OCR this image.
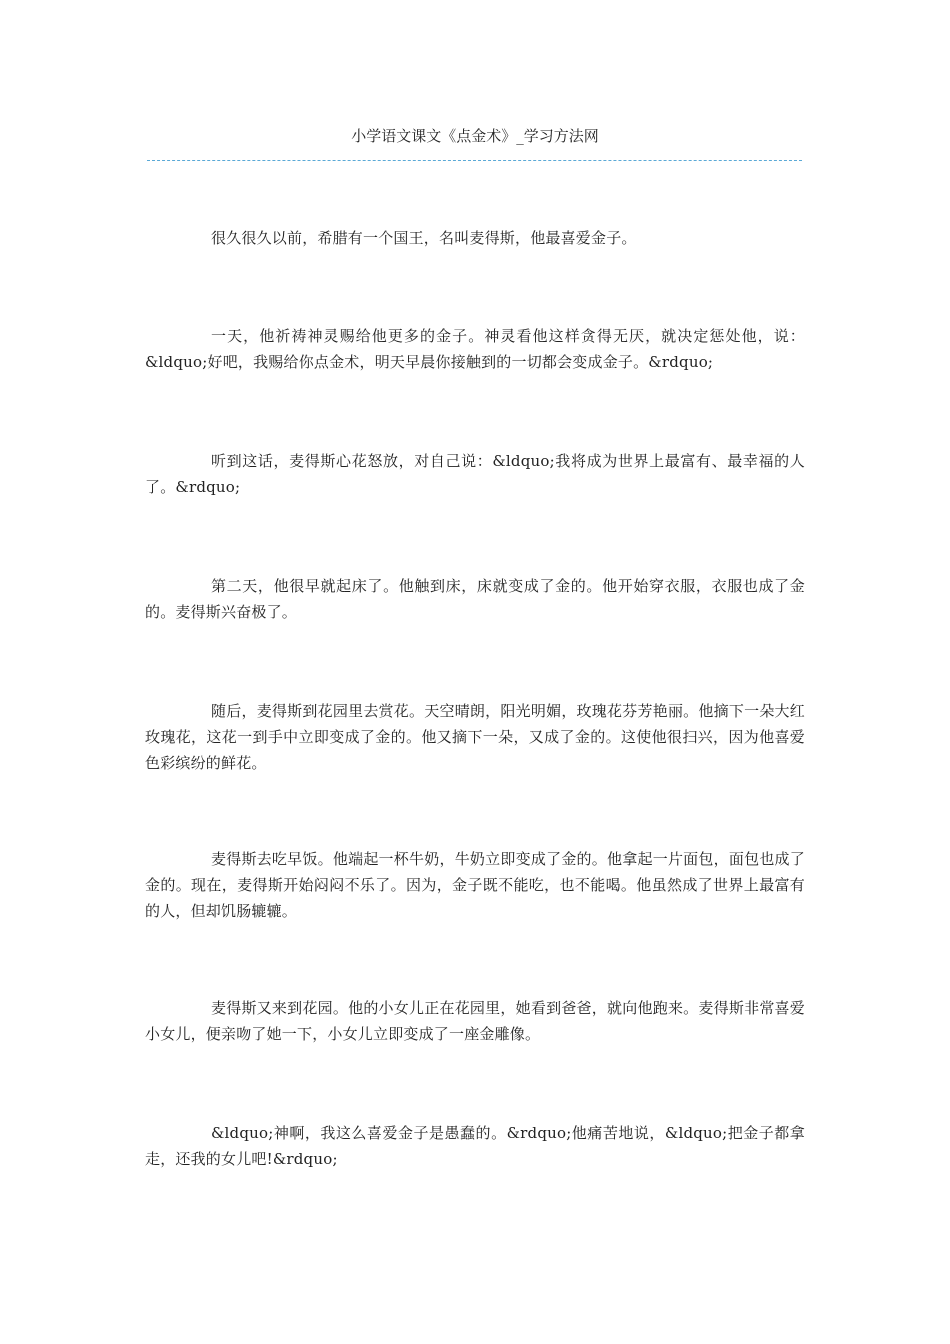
小学语文课文《点金术》_学习方法网

很久很久以前，希腊有一个国王，名叫麦得斯，他最喜爱金子。

一天，他祈祷神灵赐给他更多的金子。神灵看他这样贪得无厌，就决定惩处他，说：&ldquo;好吧，我赐给你点金术，明天早晨你接触到的一切都会变成金子。&rdquo;

听到这话，麦得斯心花怒放，对自己说：&ldquo;我将成为世界上最富有、最幸福的人了。&rdquo;

第二天，他很早就起床了。他触到床，床就变成了金的。他开始穿衣服，衣服也成了金的。麦得斯兴奋极了。

随后，麦得斯到花园里去赏花。天空晴朗，阳光明媚，玫瑰花芬芳艳丽。他摘下一朵大红玫瑰花，这花一到手中立即变成了金的。他又摘下一朵，又成了金的。这使他很扫兴，因为他喜爱色彩缤纷的鲜花。

麦得斯去吃早饭。他端起一杯牛奶，牛奶立即变成了金的。他拿起一片面包，面包也成了金的。现在，麦得斯开始闷闷不乐了。因为，金子既不能吃，也不能喝。他虽然成了世界上最富有的人，但却饥肠辘辘。

麦得斯又来到花园。他的小女儿正在花园里，她看到爸爸，就向他跑来。麦得斯非常喜爱小女儿，便亲吻了她一下，小女儿立即变成了一座金雕像。

&ldquo;神啊，我这么喜爱金子是愚蠢的。&rdquo;他痛苦地说，&ldquo;把金子都拿走，还我的女儿吧!&rdquo;
